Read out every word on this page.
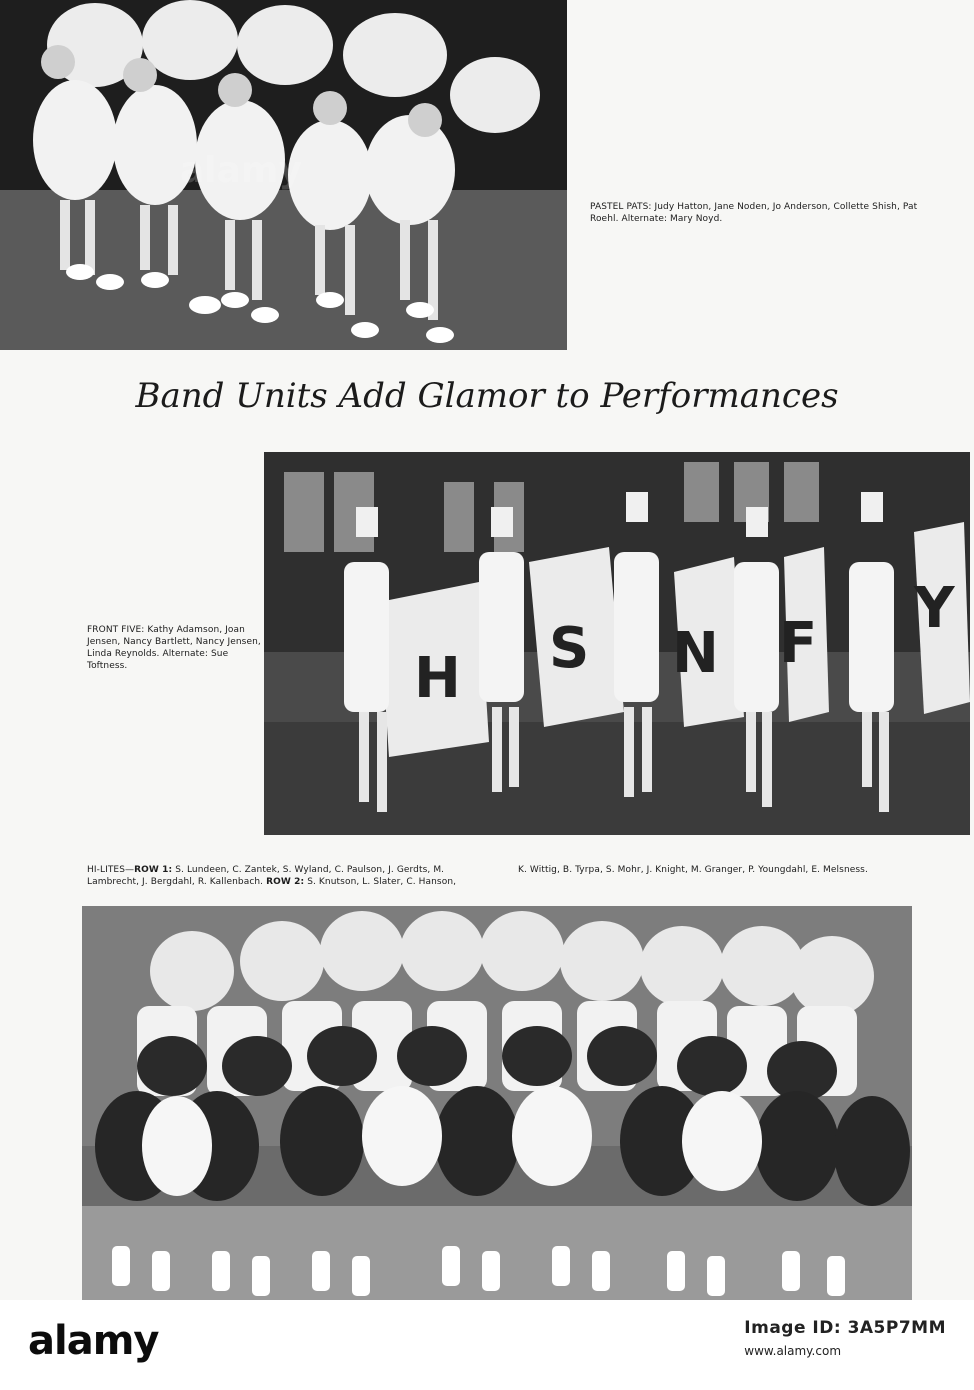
PASTEL PATS: Judy Hatton, Jane Noden, Jo Anderson, Collette Shish, Pat Roehl. Alternate: Mary Noyd.
Band Units Add Glamor to Performances
H S N F
Y
FRONT FIVE: Kathy Adamson, Joan Jensen, Nancy Bartlett, Nancy Jensen, Linda Reynolds. Alternate: Sue Toftness.
HI-LITES—ROW 1: S. Lundeen, C. Zantek, S. Wyland, C. Paulson, J. Gerdts, M. Lambrecht, J. Bergdahl, R. Kallenbach. ROW 2: S. Knutson, L. Slater, C. Hanson,
K. Wittig, B. Tyrpa, S. Mohr, J. Knight, M. Granger, P. Youngdahl, E. Melsness.
alamy	Image ID: 3A5P7MM
www.alamy.com
